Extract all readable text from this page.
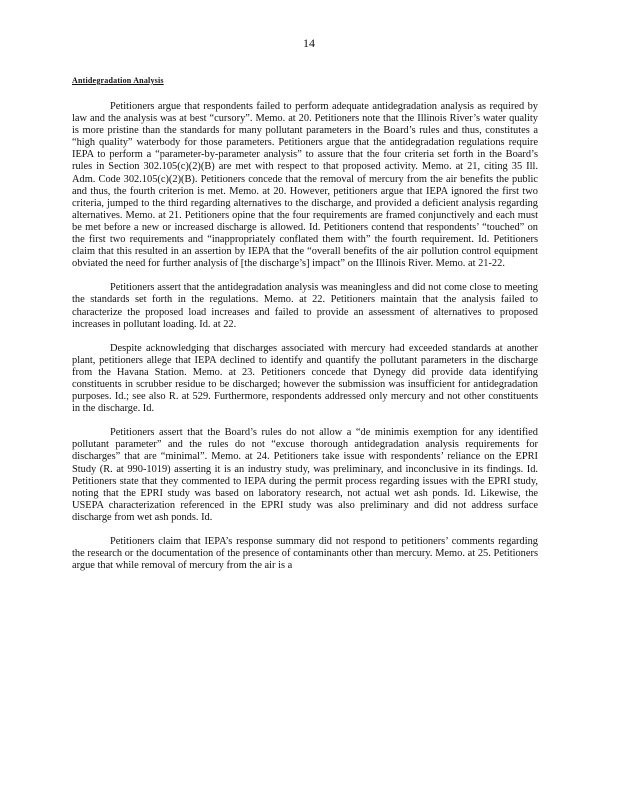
14
Antidegradation Analysis

Petitioners argue that respondents failed to perform adequate antidegradation analysis as required by law and the analysis was at best “cursory”. Memo. at 20. Petitioners note that the Illinois River’s water quality is more pristine than the standards for many pollutant parameters in the Board’s rules and thus, constitutes a “high quality” waterbody for those parameters. Petitioners argue that the antidegradation regulations require IEPA to perform a “parameter-by-parameter analysis” to assure that the four criteria set forth in the Board’s rules in Section 302.105(c)(2)(B) are met with respect to that proposed activity. Memo. at 21, citing 35 Ill. Adm. Code 302.105(c)(2)(B). Petitioners concede that the removal of mercury from the air benefits the public and thus, the fourth criterion is met. Memo. at 20. However, petitioners argue that IEPA ignored the first two criteria, jumped to the third regarding alternatives to the discharge, and provided a deficient analysis regarding alternatives. Memo. at 21. Petitioners opine that the four requirements are framed conjunctively and each must be met before a new or increased discharge is allowed. Id. Petitioners contend that respondents’ “touched” on the first two requirements and “inappropriately conflated them with” the fourth requirement. Id. Petitioners claim that this resulted in an assertion by IEPA that the “overall benefits of the air pollution control equipment obviated the need for further analysis of [the discharge’s] impact” on the Illinois River. Memo. at 21-22.

Petitioners assert that the antidegradation analysis was meaningless and did not come close to meeting the standards set forth in the regulations. Memo. at 22. Petitioners maintain that the analysis failed to characterize the proposed load increases and failed to provide an assessment of alternatives to proposed increases in pollutant loading. Id. at 22.

Despite acknowledging that discharges associated with mercury had exceeded standards at another plant, petitioners allege that IEPA declined to identify and quantify the pollutant parameters in the discharge from the Havana Station. Memo. at 23. Petitioners concede that Dynegy did provide data identifying constituents in scrubber residue to be discharged; however the submission was insufficient for antidegradation purposes. Id.; see also R. at 529. Furthermore, respondents addressed only mercury and not other constituents in the discharge. Id.

Petitioners assert that the Board’s rules do not allow a “de minimis exemption for any identified pollutant parameter” and the rules do not “excuse thorough antidegradation analysis requirements for discharges” that are “minimal”. Memo. at 24. Petitioners take issue with respondents’ reliance on the EPRI Study (R. at 990-1019) asserting it is an industry study, was preliminary, and inconclusive in its findings. Id. Petitioners state that they commented to IEPA during the permit process regarding issues with the EPRI study, noting that the EPRI study was based on laboratory research, not actual wet ash ponds. Id. Likewise, the USEPA characterization referenced in the EPRI study was also preliminary and did not address surface discharge from wet ash ponds. Id.

Petitioners claim that IEPA’s response summary did not respond to petitioners’ comments regarding the research or the documentation of the presence of contaminants other than mercury. Memo. at 25. Petitioners argue that while removal of mercury from the air is a
